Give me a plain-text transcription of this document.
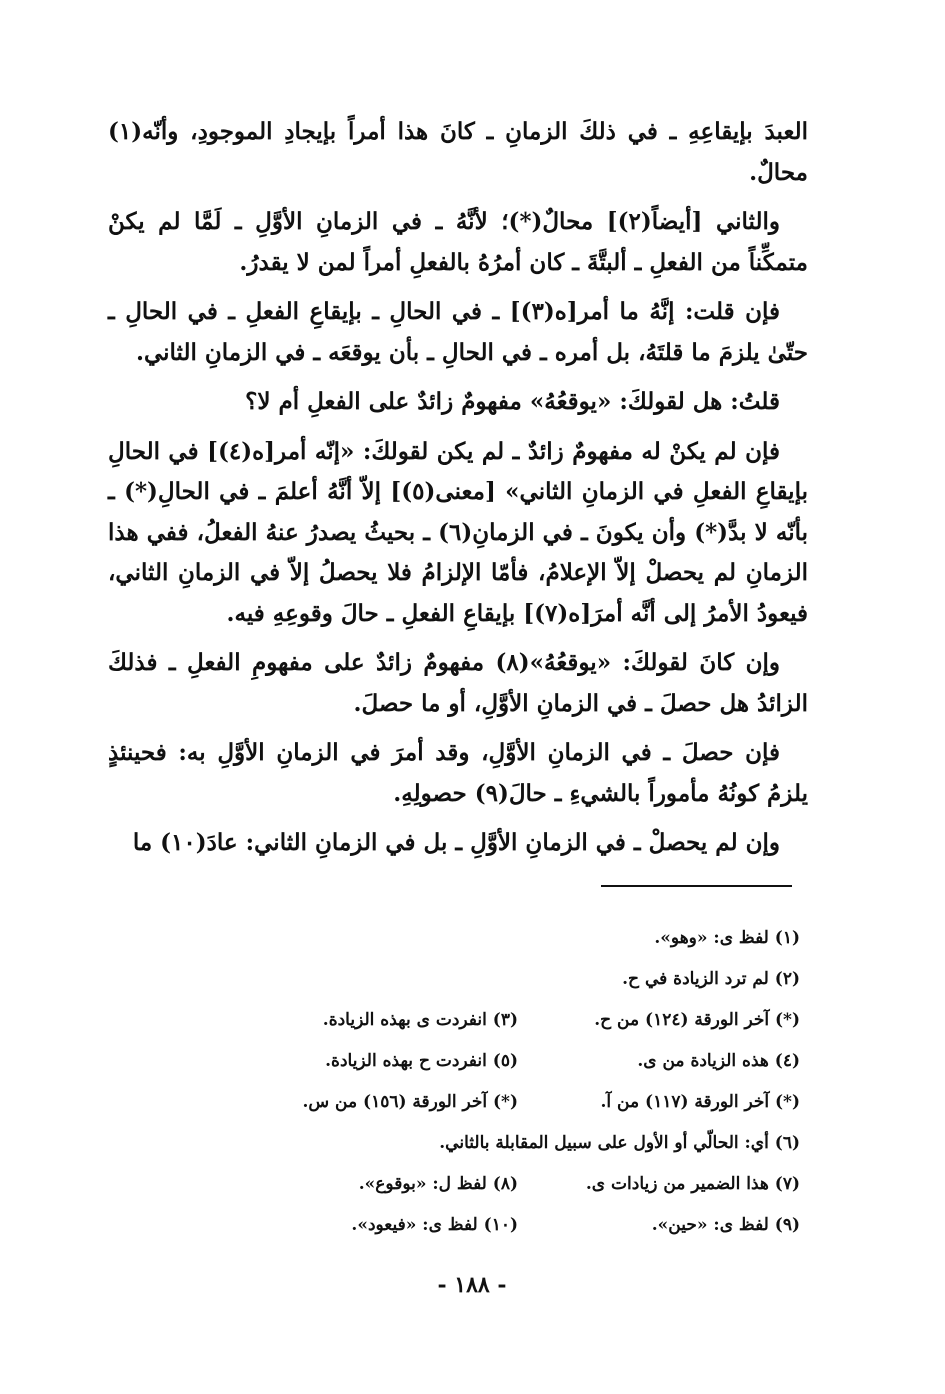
العبدَ بإيقاعِهِ ـ في ذلكَ الزمانِ ـ كانَ هذا أمراً بإيجادِ الموجودِ، وأنّه(١) محالٌ.

والثاني [أيضاً(٢)] محالٌ(*)؛ لأنَّهُ ـ في الزمانِ الأوَّلِ ـ لَمَّا لم يكنْ متمكِّناً من الفعلِ ـ ألبتَّةَ ـ كان أمرُهُ بالفعلِ أمراً لمن لا يقدرُ.

فإن قلت: إنَّهُ ما أمر[ه(٣)] ـ في الحالِ ـ بإيقاعِ الفعلِ ـ في الحالِ ـ حتّىٰ يلزمَ ما قلتَهُ، بل أمره ـ في الحالِ ـ بأن يوقعَه ـ في الزمانِ الثاني.

قلتُ: هل لقولكَ: «يوقعُهُ» مفهومٌ زائدٌ على الفعلِ أم لا؟

فإن لم يكنْ له مفهومٌ زائدٌ ـ لم يكن لقولكَ: «إنّه أمر[ه(٤)] في الحالِ بإيقاعِ الفعلِ في الزمانِ الثاني» [معنى(٥)] إلاّ أنَّهُ أعلمَ ـ في الحالِ(*) ـ بأنّه لا بدَّ(*) وأن يكونَ ـ في الزمانِ(٦) ـ بحيثُ يصدرُ عنهُ الفعلُ، ففي هذا الزمانِ لم يحصلْ إلاّ الإعلامُ، فأمّا الإلزامُ فلا يحصلُ إلاّ في الزمانِ الثاني، فيعودُ الأمرُ إلى أنَّه أمرَ[ه(٧)] بإيقاعِ الفعلِ ـ حالَ وقوعِهِ فيه.

وإن كانَ لقولكَ: «يوقعُهُ»(٨) مفهومٌ زائدٌ على مفهومِ الفعلِ ـ فذلكَ الزائدُ هل حصلَ ـ في الزمانِ الأوَّلِ، أو ما حصلَ.

فإن حصلَ ـ في الزمانِ الأوَّلِ، وقد أمرَ في الزمانِ الأوَّلِ به: فحينئذٍ يلزمُ كونُهُ مأموراً بالشيءِ ـ حالَ(٩) حصولِهِ.

وإن لم يحصلْ ـ في الزمانِ الأوَّلِ ـ بل في الزمانِ الثاني: عادَ(١٠) ما

(١) لفظ ى: «وهو».
(٢) لم ترد الزيادة في ح.
(*) آخر الورقة (١٢٤) من ح.
(٣) انفردت ى بهذه الزيادة.
(٤) هذه الزيادة من ى.
(٥) انفردت ح بهذه الزيادة.
(*) آخر الورقة (١١٧) من آ.
(*) آخر الورقة (١٥٦) من س.
(٦) أي: الحالّي أو الأول على سبيل المقابلة بالثاني.
(٧) هذا الضمير من زيادات ى.
(٨) لفظ ل: «بوقوع».
(٩) لفظ ى: «حين».
(١٠) لفظ ى: «فيعود».
- ١٨٨ -
